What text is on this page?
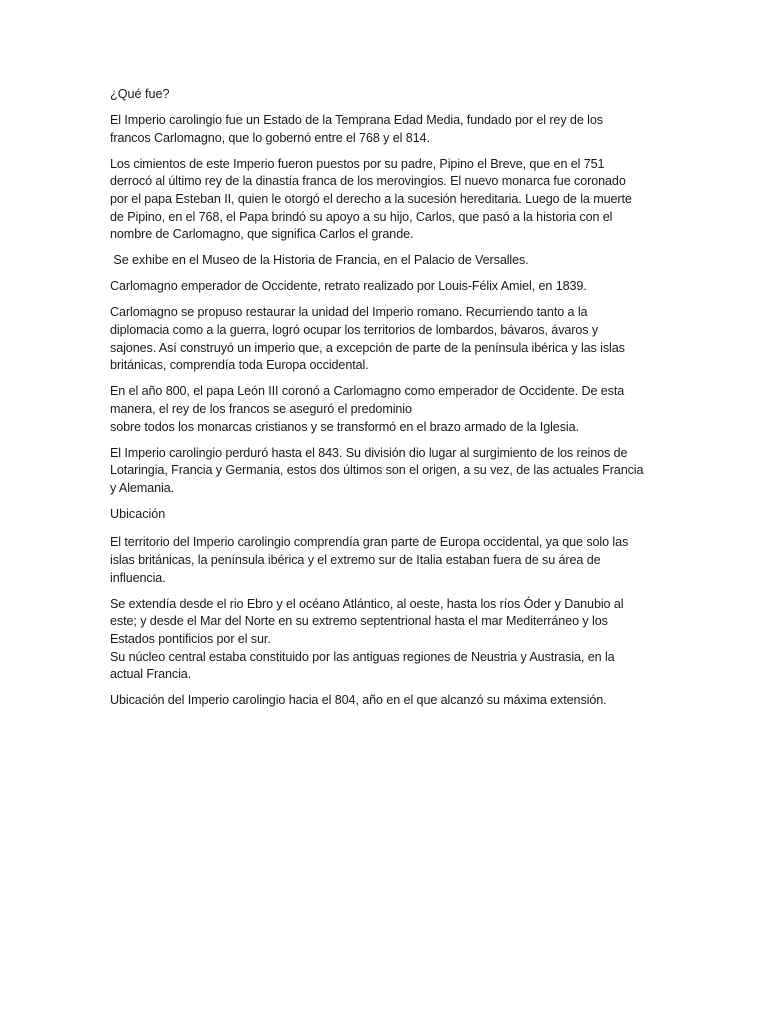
¿Qué fue?

El Imperio carolingio fue un Estado de la Temprana Edad Media, fundado por el rey de los
francos Carlomagno, que lo gobernó entre el 768 y el 814.

Los cimientos de este Imperio fueron puestos por su padre, Pipino el Breve, que en el 751
derrocó al último rey de la dinastía franca de los merovingios. El nuevo monarca fue coronado
por el papa Esteban II, quien le otorgó el derecho a la sucesión hereditaria. Luego de la muerte
de Pipino, en el 768, el Papa brindó su apoyo a su hijo, Carlos, que pasó a la historia con el
nombre de Carlomagno, que significa Carlos el grande.

Se exhibe en el Museo de la Historia de Francia, en el Palacio de Versalles.

Carlomagno emperador de Occidente, retrato realizado por Louis-Félix Amiel, en 1839.

Carlomagno se propuso restaurar la unidad del Imperio romano. Recurriendo tanto a la
diplomacia como a la guerra, logró ocupar los territorios de lombardos, bávaros, ávaros y
sajones. Así construyó un imperio que, a excepción de parte de la península ibérica y las islas
británicas, comprendía toda Europa occidental.

En el año 800, el papa León III coronó a Carlomagno como emperador de Occidente. De esta
manera, el rey de los francos se aseguró el predominio
sobre todos los monarcas cristianos y se transformó en el brazo armado de la Iglesia.

El Imperio carolingio perduró hasta el 843. Su división dio lugar al surgimiento de los reinos de
Lotaringia, Francia y Germania, estos dos últimos son el origen, a su vez, de las actuales Francia
y Alemania.

Ubicación

El territorio del Imperio carolingio comprendía gran parte de Europa occidental, ya que solo las
islas británicas, la península ibérica y el extremo sur de Italia estaban fuera de su área de
influencia.

Se extendía desde el rio Ebro y el océano Atlántico, al oeste, hasta los ríos Óder y Danubio al
este; y desde el Mar del Norte en su extremo septentrional hasta el mar Mediterráneo y los
Estados pontificios por el sur.
Su núcleo central estaba constituido por las antiguas regiones de Neustria y Austrasia, en la
actual Francia.

Ubicación del Imperio carolingio hacia el 804, año en el que alcanzó su máxima extensión.
